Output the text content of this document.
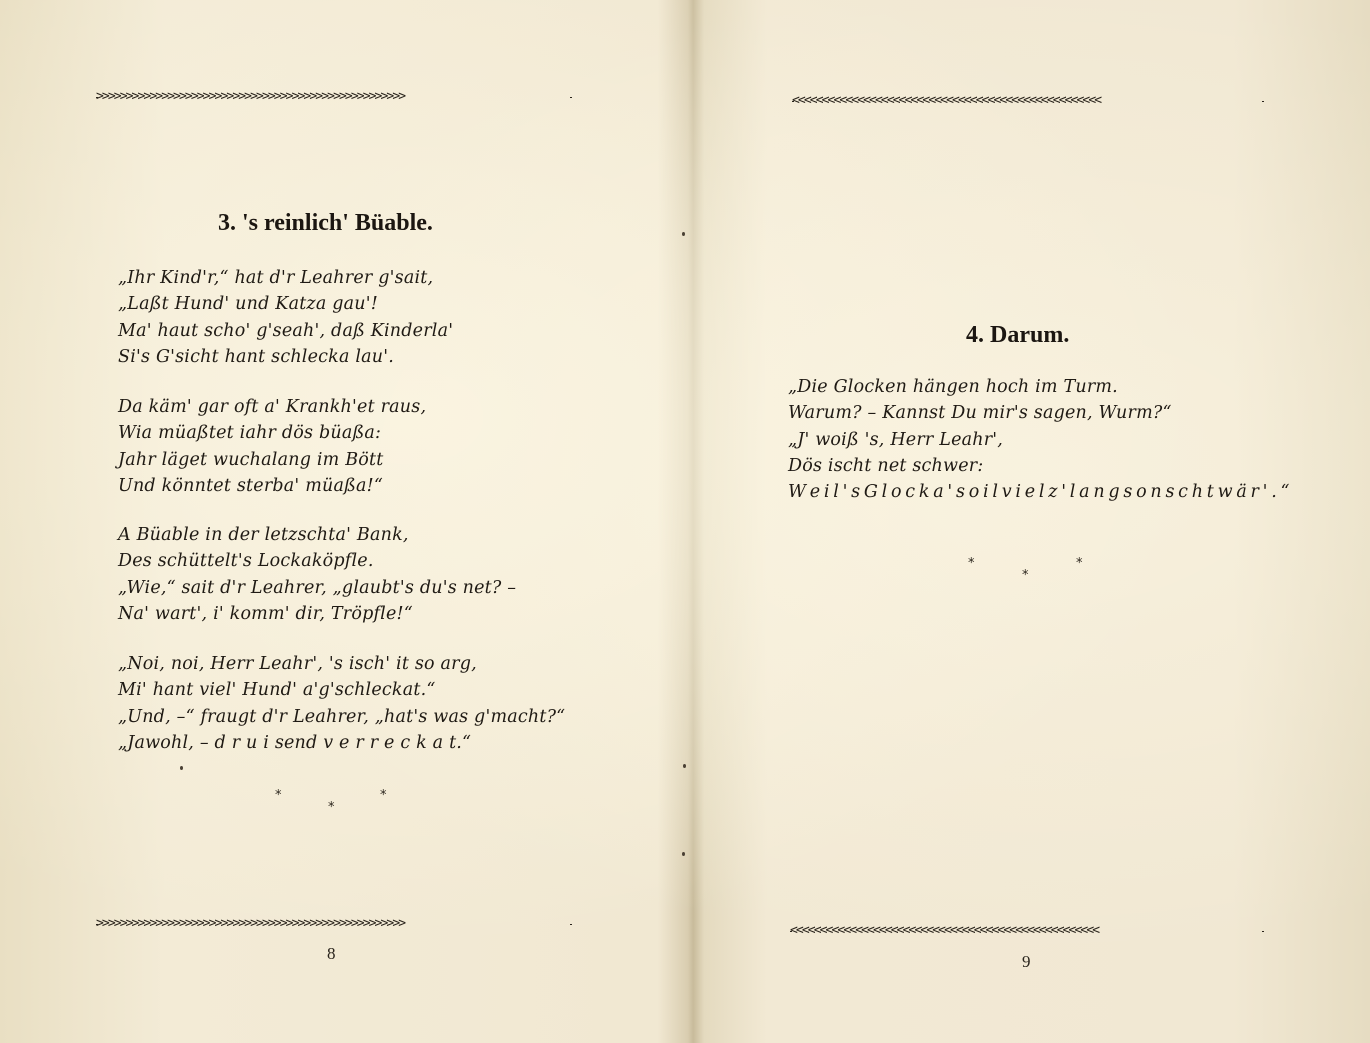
>>>>>>>>>>>>>>>>>>>>>>>>>>>>>>>>>>>>>>>>>>>>>>>>>>>>
3. 's reinlich' Büable.
„Ihr Kind'r,“ hat d'r Leahrer g'sait,
„Laßt Hund' und Katza gau'!
Ma' haut scho' g'seah', daß Kinderla'
Si's G'sicht hant schlecka lau'.
Da käm' gar oft a' Krankh'et raus,
Wia müaßtet iahr dös büaßa:
Jahr läget wuchalang im Bött
Und könntet sterba' müaßa!“
A Büable in der letzschta' Bank,
Des schüttelt's Lockaköpfle.
„Wie,“ sait d'r Leahrer, „glaubt's du's net? –
Na' wart', i' komm' dir, Tröpfle!“
„Noi, noi, Herr Leahr', 's isch' it so arg,
Mi' hant viel' Hund' a'g'schleckat.“
„Und, –“ fraugt d'r Leahrer, „hat's was g'macht?“
„Jawohl, – d r u i send v e r r e c k a t.“
*
*
*
>>>>>>>>>>>>>>>>>>>>>>>>>>>>>>>>>>>>>>>>>>>>>>>>>>>>
8
<<<<<<<<<<<<<<<<<<<<<<<<<<<<<<<<<<<<<<<<<<<<<<<<<<<<
4. Darum.
„Die Glocken hängen hoch im Turm.
Warum? – Kannst Du mir's sagen, Wurm?“
„J' woiß 's, Herr Leahr',
Dös ischt net schwer:
W e i l ' s G l o c k a ' s o i l v i e l z ' l a n g s o n s c h t w ä r ' . “
*
*
*
<<<<<<<<<<<<<<<<<<<<<<<<<<<<<<<<<<<<<<<<<<<<<<<<<<<<
9
